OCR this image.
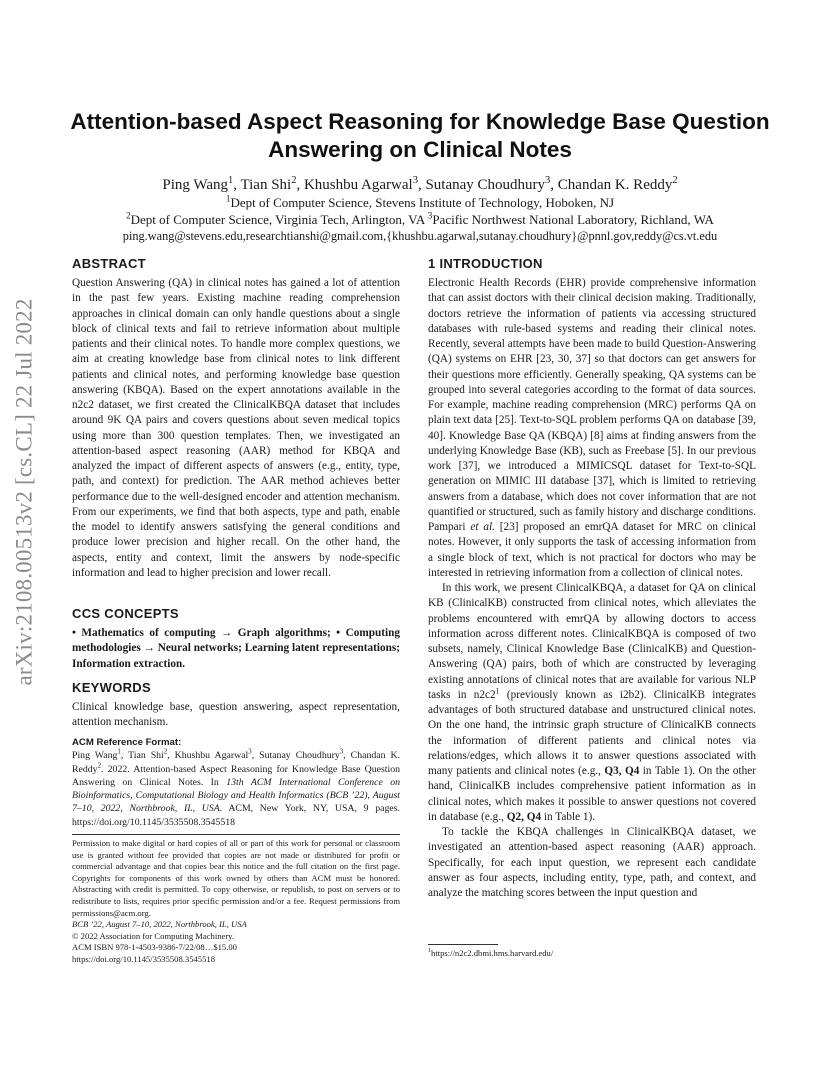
arXiv:2108.00513v2 [cs.CL] 22 Jul 2022
Attention-based Aspect Reasoning for Knowledge Base Question Answering on Clinical Notes
Ping Wang$^1$, Tian Shi$^2$, Khushbu Agarwal$^3$, Sutanay Choudhury$^3$, Chandan K. Reddy$^2$
$^1$Dept of Computer Science, Stevens Institute of Technology, Hoboken, NJ
$^2$Dept of Computer Science, Virginia Tech, Arlington, VA $^3$Pacific Northwest National Laboratory, Richland, WA
ping.wang@stevens.edu,researchtianshi@gmail.com,{khushbu.agarwal,sutanay.choudhury}@pnnl.gov,reddy@cs.vt.edu
ABSTRACT

Question Answering (QA) in clinical notes has gained a lot of attention in the past few years. Existing machine reading comprehension approaches in clinical domain can only handle questions about a single block of clinical texts and fail to retrieve information about multiple patients and their clinical notes. To handle more complex questions, we aim at creating knowledge base from clinical notes to link different patients and clinical notes, and performing knowledge base question answering (KBQA). Based on the expert annotations available in the n2c2 dataset, we first created the ClinicalKBQA dataset that includes around 9K QA pairs and covers questions about seven medical topics using more than 300 question templates. Then, we investigated an attention-based aspect reasoning (AAR) method for KBQA and analyzed the impact of different aspects of answers (e.g., entity, type, path, and context) for prediction. The AAR method achieves better performance due to the well-designed encoder and attention mechanism. From our experiments, we find that both aspects, type and path, enable the model to identify answers satisfying the general conditions and produce lower precision and higher recall. On the other hand, the aspects, entity and context, limit the answers by node-specific information and lead to higher precision and lower recall.

CCS CONCEPTS

• Mathematics of computing → Graph algorithms; • Computing methodologies → Neural networks; Learning latent representations; Information extraction.

KEYWORDS

Clinical knowledge base, question answering, aspect representation, attention mechanism.

ACM Reference Format:

Ping Wang$^1$, Tian Shi$^2$, Khushbu Agarwal$^3$, Sutanay Choudhury$^3$, Chandan K. Reddy$^2$. 2022. Attention-based Aspect Reasoning for Knowledge Base Question Answering on Clinical Notes. In 13th ACM International Conference on Bioinformatics, Computational Biology and Health Informatics (BCB ’22), August 7–10, 2022, Northbrook, IL, USA. ACM, New York, NY, USA, 9 pages. https://doi.org/10.1145/3535508.3545518

Permission to make digital or hard copies of all or part of this work for personal or classroom use is granted without fee provided that copies are not made or distributed for profit or commercial advantage and that copies bear this notice and the full citation on the first page. Copyrights for components of this work owned by others than ACM must be honored. Abstracting with credit is permitted. To copy otherwise, or republish, to post on servers or to redistribute to lists, requires prior specific permission and/or a fee. Request permissions from permissions@acm.org.
BCB ’22, August 7–10, 2022, Northbrook, IL, USA
© 2022 Association for Computing Machinery.
ACM ISBN 978-1-4503-9386-7/22/08…$15.00
https://doi.org/10.1145/3535508.3545518
1 INTRODUCTION

Electronic Health Records (EHR) provide comprehensive information that can assist doctors with their clinical decision making. Traditionally, doctors retrieve the information of patients via accessing structured databases with rule-based systems and reading their clinical notes. Recently, several attempts have been made to build Question-Answering (QA) systems on EHR [23, 30, 37] so that doctors can get answers for their questions more efficiently. Generally speaking, QA systems can be grouped into several categories according to the format of data sources. For example, machine reading comprehension (MRC) performs QA on plain text data [25]. Text-to-SQL problem performs QA on database [39, 40]. Knowledge Base QA (KBQA) [8] aims at finding answers from the underlying Knowledge Base (KB), such as Freebase [5]. In our previous work [37], we introduced a MIMICSQL dataset for Text-to-SQL generation on MIMIC III database [37], which is limited to retrieving answers from a database, which does not cover information that are not quantified or structured, such as family history and discharge conditions. Pampari et al. [23] proposed an emrQA dataset for MRC on clinical notes. However, it only supports the task of accessing information from a single block of text, which is not practical for doctors who may be interested in retrieving information from a collection of clinical notes.

In this work, we present ClinicalKBQA, a dataset for QA on clinical KB (ClinicalKB) constructed from clinical notes, which alleviates the problems encountered with emrQA by allowing doctors to access information across different notes. ClinicalKBQA is composed of two subsets, namely, Clinical Knowledge Base (ClinicalKB) and Question-Answering (QA) pairs, both of which are constructed by leveraging existing annotations of clinical notes that are available for various NLP tasks in $n2c2^1$ (previously known as i2b2). ClinicalKB integrates advantages of both structured database and unstructured clinical notes. On the one hand, the intrinsic graph structure of ClinicalKB connects the information of different patients and clinical notes via relations/edges, which allows it to answer questions associated with many patients and clinical notes (e.g., Q3, Q4 in Table 1). On the other hand, ClinicalKB includes comprehensive patient information as in clinical notes, which makes it possible to answer questions not covered in database (e.g., Q2, Q4 in Table 1).

To tackle the KBQA challenges in ClinicalKBQA dataset, we investigated an attention-based aspect reasoning (AAR) approach. Specifically, for each input question, we represent each candidate answer as four aspects, including entity, type, path, and context, and analyze the matching scores between the input question and

$^1$https://n2c2.dbmi.hms.harvard.edu/
